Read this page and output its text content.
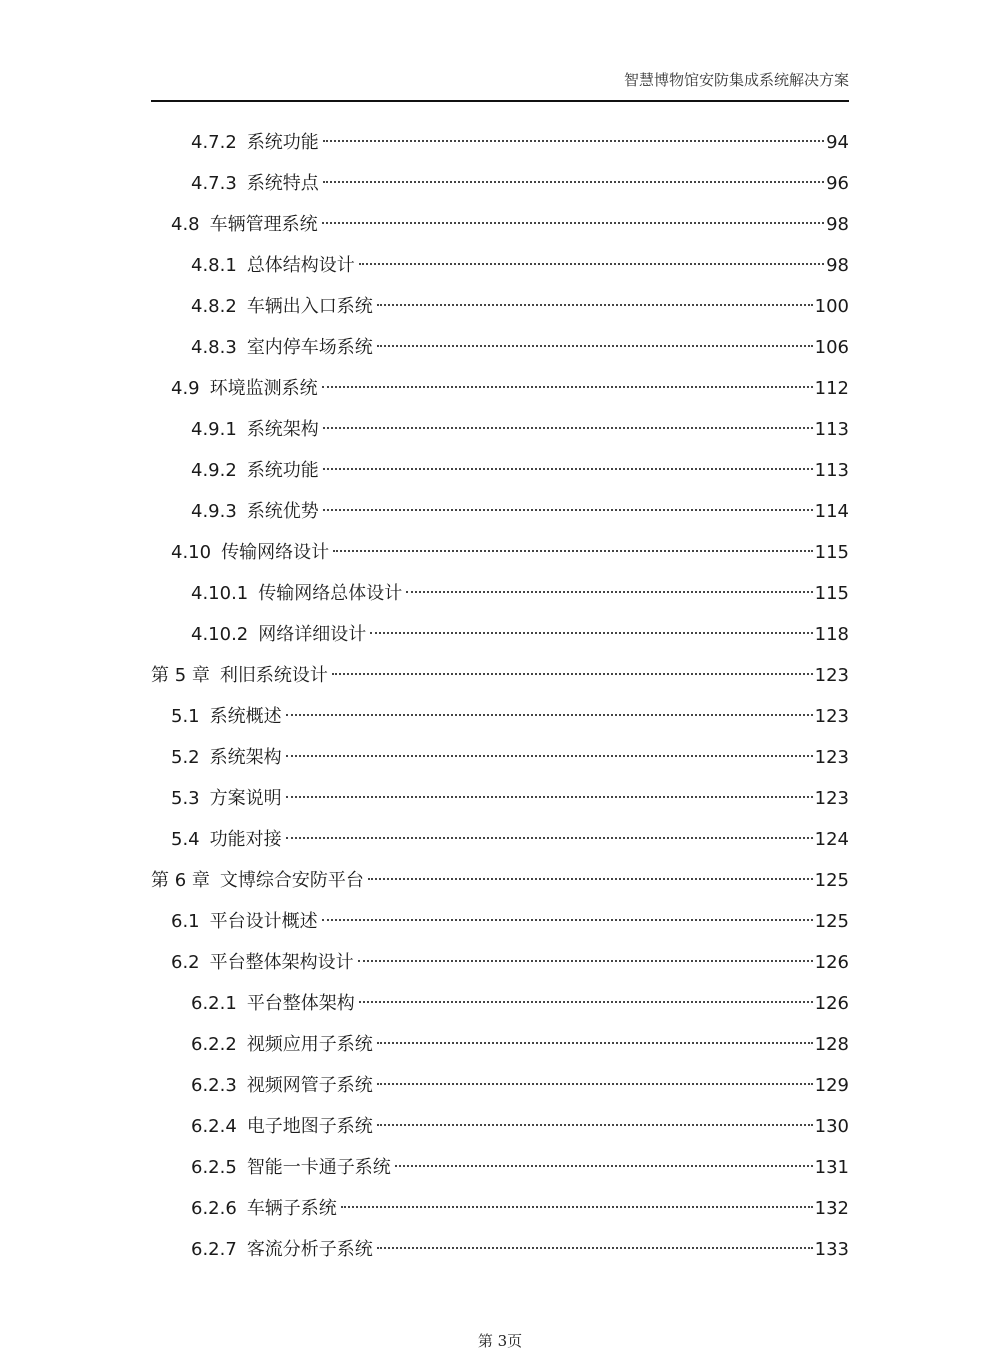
智慧博物馆安防集成系统解决方案
4.7.2 系统功能	94
4.7.3 系统特点	96
4.8 车辆管理系统	98
4.8.1 总体结构设计	98
4.8.2 车辆出入口系统	100
4.8.3 室内停车场系统	106
4.9 环境监测系统	112
4.9.1 系统架构	113
4.9.2 系统功能	113
4.9.3 系统优势	114
4.10 传输网络设计	115
4.10.1 传输网络总体设计	115
4.10.2 网络详细设计	118
第 5 章 利旧系统设计	123
5.1 系统概述	123
5.2 系统架构	123
5.3 方案说明	123
5.4 功能对接	124
第 6 章 文博综合安防平台	125
6.1 平台设计概述	125
6.2 平台整体架构设计	126
6.2.1 平台整体架构	126
6.2.2 视频应用子系统	128
6.2.3 视频网管子系统	129
6.2.4 电子地图子系统	130
6.2.5 智能一卡通子系统	131
6.2.6 车辆子系统	132
6.2.7 客流分析子系统	133
第 3页
